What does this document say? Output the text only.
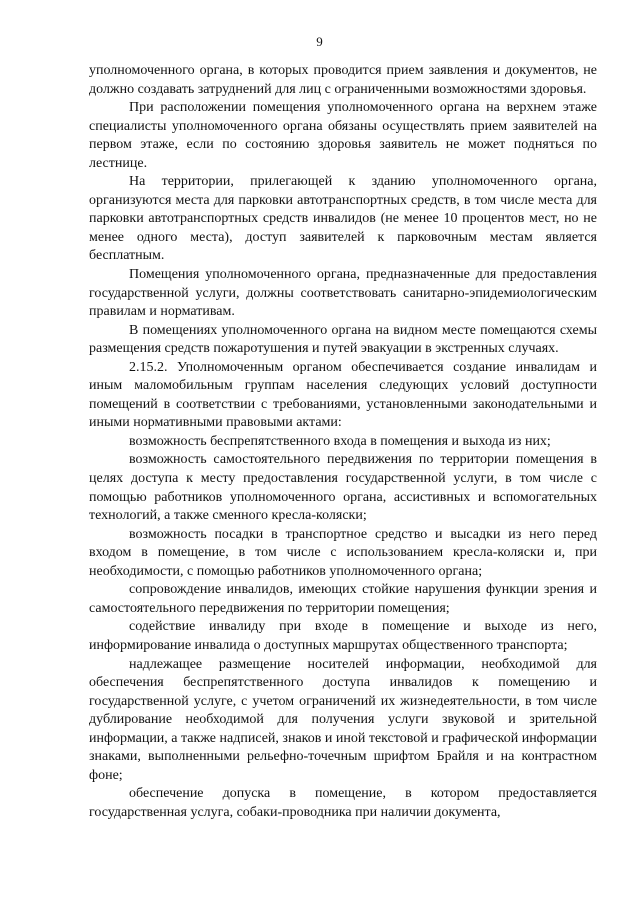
9

уполномоченного органа, в которых проводится прием заявления и документов, не должно создавать затруднений для лиц с ограниченными возможностями здоровья.

При расположении помещения уполномоченного органа на верхнем этаже специалисты уполномоченного органа обязаны осуществлять прием заявителей на первом этаже, если по состоянию здоровья заявитель не может подняться по лестнице.

На территории, прилегающей к зданию уполномоченного органа, организуются места для парковки автотранспортных средств, в том числе места для парковки автотранспортных средств инвалидов (не менее 10 процентов мест, но не менее одного места), доступ заявителей к парковочным местам является бесплатным.

Помещения уполномоченного органа, предназначенные для предоставления государственной услуги, должны соответствовать санитарно-эпидемиологическим правилам и нормативам.

В помещениях уполномоченного органа на видном месте помещаются схемы размещения средств пожаротушения и путей эвакуации в экстренных случаях.

2.15.2. Уполномоченным органом обеспечивается создание инвалидам и иным маломобильным группам населения следующих условий доступности помещений в соответствии с требованиями, установленными законодательными и иными нормативными правовыми актами:

возможность беспрепятственного входа в помещения и выхода из них;

возможность самостоятельного передвижения по территории помещения в целях доступа к месту предоставления государственной услуги, в том числе с помощью работников уполномоченного органа, ассистивных и вспомогательных технологий, а также сменного кресла-коляски;

возможность посадки в транспортное средство и высадки из него перед входом в помещение, в том числе с использованием кресла-коляски и, при необходимости, с помощью работников уполномоченного органа;

сопровождение инвалидов, имеющих стойкие нарушения функции зрения и самостоятельного передвижения по территории помещения;

содействие инвалиду при входе в помещение и выходе из него, информирование инвалида о доступных маршрутах общественного транспорта;

надлежащее размещение носителей информации, необходимой для обеспечения беспрепятственного доступа инвалидов к помещению и государственной услуге, с учетом ограничений их жизнедеятельности, в том числе дублирование необходимой для получения услуги звуковой и зрительной информации, а также надписей, знаков и иной текстовой и графической информации знаками, выполненными рельефно-точечным шрифтом Брайля и на контрастном фоне;

обеспечение допуска в помещение, в котором предоставляется государственная услуга, собаки-проводника при наличии документа,
